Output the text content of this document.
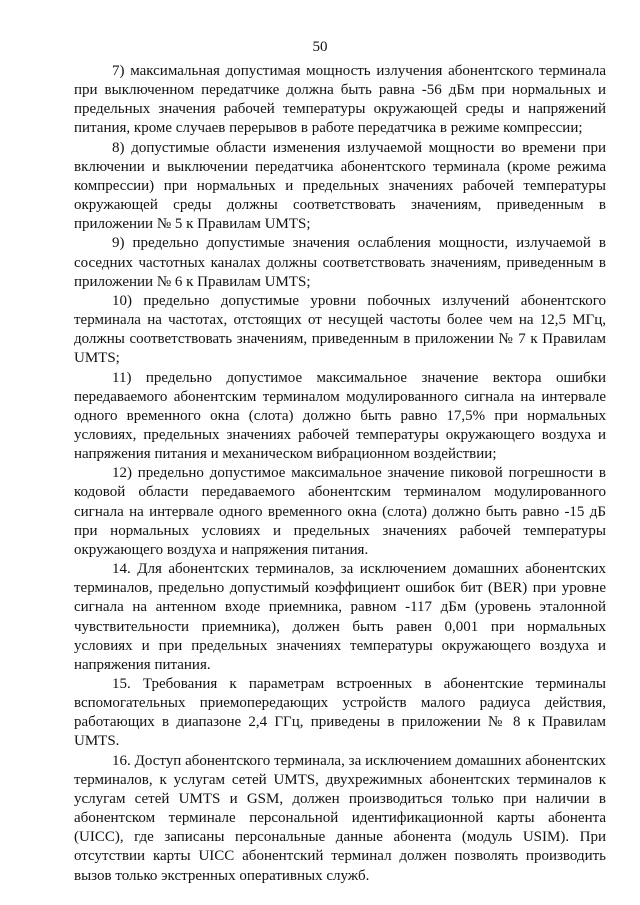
50

7) максимальная допустимая мощность излучения абонентского терминала при выключенном передатчике должна быть равна -56 дБм при нормальных и предельных значения рабочей температуры окружающей среды и напряжений питания, кроме случаев перерывов в работе передатчика в режиме компрессии;

8) допустимые области изменения излучаемой мощности во времени при включении и выключении передатчика абонентского терминала (кроме режима компрессии) при нормальных и предельных значениях рабочей температуры окружающей среды должны соответствовать значениям, приведенным в приложении № 5 к Правилам UMTS;

9) предельно допустимые значения ослабления мощности, излучаемой в соседних частотных каналах должны соответствовать значениям, приведенным в приложении № 6 к Правилам UMTS;

10) предельно допустимые уровни побочных излучений абонентского терминала на частотах, отстоящих от несущей частоты более чем на 12,5 МГц, должны соответствовать значениям, приведенным в приложении № 7 к Правилам UMTS;

11) предельно допустимое максимальное значение вектора ошибки передаваемого абонентским терминалом модулированного сигнала на интервале одного временного окна (слота) должно быть равно 17,5% при нормальных условиях, предельных значениях рабочей температуры окружающего воздуха и напряжения питания и механическом вибрационном воздействии;

12) предельно допустимое максимальное значение пиковой погрешности в кодовой области передаваемого абонентским терминалом модулированного сигнала на интервале одного временного окна (слота) должно быть равно -15 дБ при нормальных условиях и предельных значениях рабочей температуры окружающего воздуха и напряжения питания.

14. Для абонентских терминалов, за исключением домашних абонентских терминалов, предельно допустимый коэффициент ошибок бит (BER) при уровне сигнала на антенном входе приемника, равном -117 дБм (уровень эталонной чувствительности приемника), должен быть равен 0,001 при нормальных условиях и при предельных значениях температуры окружающего воздуха и напряжения питания.

15. Требования к параметрам встроенных в абонентские терминалы вспомогательных приемопередающих устройств малого радиуса действия, работающих в диапазоне 2,4 ГГц, приведены в приложении № 8 к Правилам UMTS.

16. Доступ абонентского терминала, за исключением домашних абонентских терминалов, к услугам сетей UMTS, двухрежимных абонентских терминалов к услугам сетей UMTS и GSM, должен производиться только при наличии в абонентском терминале персональной идентификационной карты абонента (UICC), где записаны персональные данные абонента (модуль USIM). При отсутствии карты UICC абонентский терминал должен позволять производить вызов только экстренных оперативных служб.
